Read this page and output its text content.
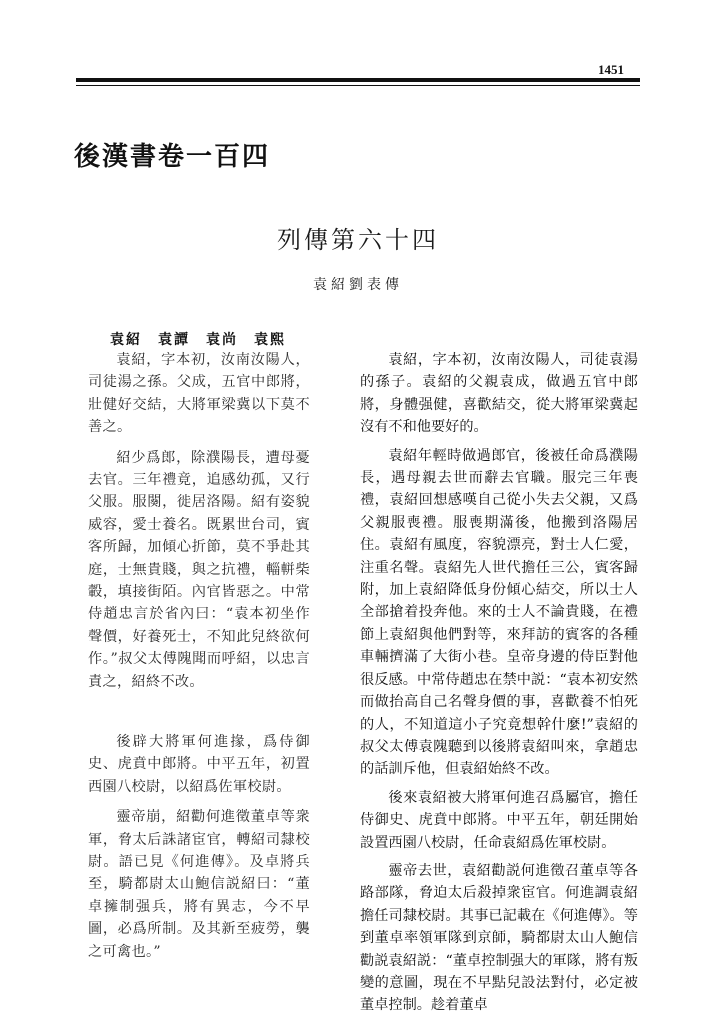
1451
後漢書卷一百四
列傳第六十四
袁紹劉表傳
袁紹　袁譚　袁尚　袁熙

袁紹，字本初，汝南汝陽人，司徒湯之孫。父成，五官中郎將，壯健好交結，大將軍梁冀以下莫不善之。

紹少爲郎，除濮陽長，遭母憂去官。三年禮竟，追感幼孤，又行父服。服闋，徙居洛陽。紹有姿貌威容，愛士養名。既累世台司，賓客所歸，加傾心折節，莫不爭赴其庭，士無貴賤，與之抗禮，輜軿柴轂，填接街陌。內官皆惡之。中常侍趙忠言於省內曰：“袁本初坐作聲價，好養死士，不知此兒終欲何作。”叔父太傅隗聞而呼紹，以忠言責之，紹終不改。

後辟大將軍何進掾，爲侍御史、虎賁中郎將。中平五年，初置西園八校尉，以紹爲佐軍校尉。

靈帝崩，紹勸何進徵董卓等衆軍，脅太后誅諸宦官，轉紹司隸校尉。語已見《何進傳》。及卓將兵至，騎都尉太山鮑信説紹曰：“董卓擁制强兵，將有異志，今不早圖，必爲所制。及其新至疲勞，襲之可禽也。”

袁紹，字本初，汝南汝陽人，司徒袁湯的孫子。袁紹的父親袁成，做過五官中郎將，身體强健，喜歡結交，從大將軍梁冀起沒有不和他要好的。

袁紹年輕時做過郎官，後被任命爲濮陽長，遇母親去世而辭去官職。服完三年喪禮，袁紹回想感嘆自己從小失去父親，又爲父親服喪禮。服喪期滿後，他搬到洛陽居住。袁紹有風度，容貌漂亮，對士人仁愛，注重名聲。袁紹先人世代擔任三公，賓客歸附，加上袁紹降低身份傾心結交，所以士人全部搶着投奔他。來的士人不論貴賤，在禮節上袁紹與他們對等，來拜訪的賓客的各種車輛擠滿了大街小巷。皇帝身邊的侍臣對他很反感。中常侍趙忠在禁中説：“袁本初安然而做抬高自己名聲身價的事，喜歡養不怕死的人，不知道這小子究竟想幹什麼!”袁紹的叔父太傅袁隗聽到以後將袁紹叫來，拿趙忠的話訓斥他，但袁紹始終不改。

後來袁紹被大將軍何進召爲屬官，擔任侍御史、虎賁中郎將。中平五年，朝廷開始設置西園八校尉，任命袁紹爲佐軍校尉。

靈帝去世，袁紹勸説何進徵召董卓等各路部隊，脅迫太后殺掉衆宦官。何進調袁紹擔任司隸校尉。其事已記載在《何進傳》。等到董卓率領軍隊到京師，騎都尉太山人鮑信勸説袁紹説：“董卓控制强大的軍隊，將有叛變的意圖，現在不早點兒設法對付，必定被董卓控制。趁着董卓
